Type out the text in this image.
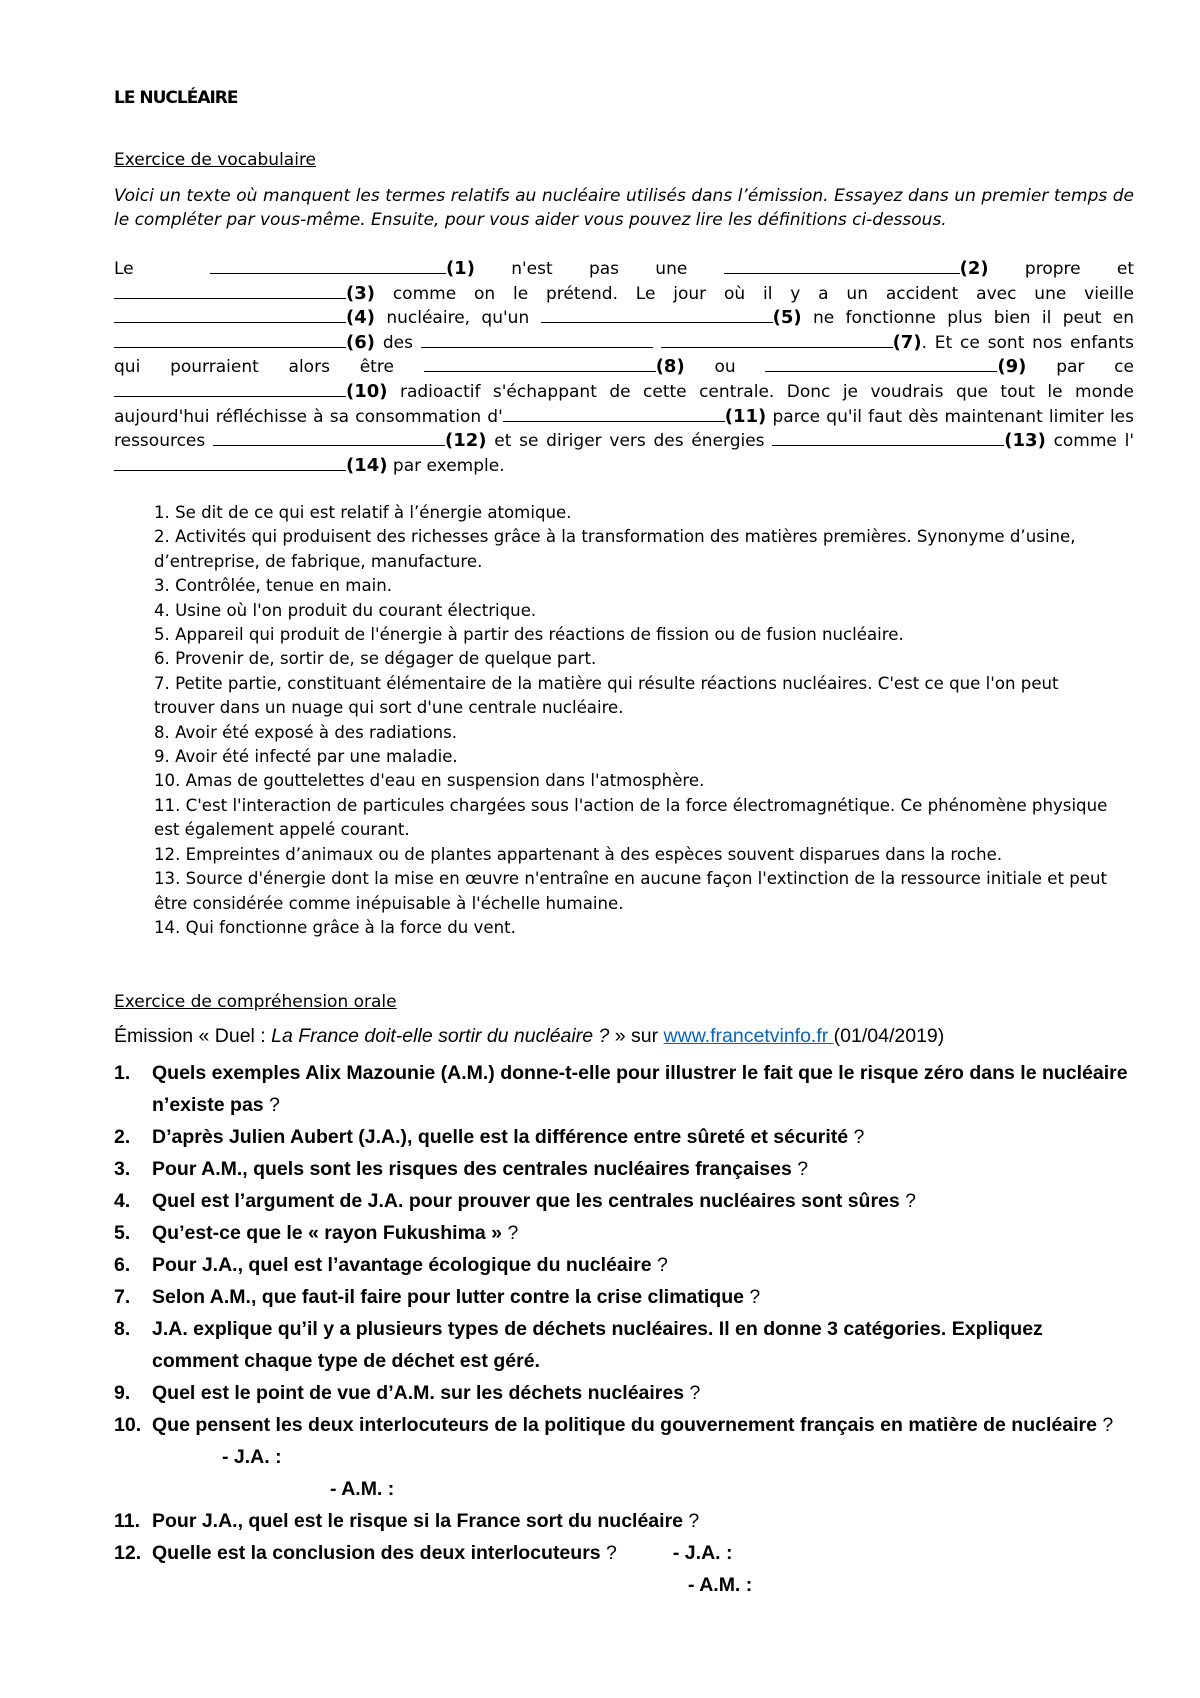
LE NUCLÉAIRE
Exercice de vocabulaire
Voici un texte où manquent les termes relatifs au nucléaire utilisés dans l’émission. Essayez dans un premier temps de le compléter par vous-même. Ensuite, pour vous aider vous pouvez lire les définitions ci-dessous.
Le	(1) n'est pas une	(2) propre et (3) comme on le prétend. Le jour où il y a un accident avec une vieille (4) nucléaire, qu'un	(5) ne fonctionne plus bien il peut en (6) des	(7). Et ce sont nos enfants qui pourraient alors être	(8) ou	(9) par ce (10) radioactif s'échappant de cette centrale. Donc je voudrais que tout le monde aujourd'hui réfléchisse à sa consommation d'	(11) parce qu'il faut dès maintenant limiter les ressources	(12) et se diriger vers des énergies	(13) comme l'(14) par exemple.
1. Se dit de ce qui est relatif à l’énergie atomique.
2. Activités qui produisent des richesses grâce à la transformation des matières premières. Synonyme d’usine, d’entreprise, de fabrique, manufacture.
3. Contrôlée, tenue en main.
4. Usine où l'on produit du courant électrique.
5. Appareil qui produit de l'énergie à partir des réactions de fission ou de fusion nucléaire.
6. Provenir de, sortir de, se dégager de quelque part.
7. Petite partie, constituant élémentaire de la matière qui résulte réactions nucléaires. C'est ce que l'on peut trouver dans un nuage qui sort d'une centrale nucléaire.
8. Avoir été exposé à des radiations.
9. Avoir été infecté par une maladie.
10. Amas de gouttelettes d'eau en suspension dans l'atmosphère.
11. C'est l'interaction de particules chargées sous l'action de la force électromagnétique. Ce phénomène physique est également appelé courant.
12. Empreintes d’animaux ou de plantes appartenant à des espèces souvent disparues dans la roche.
13. Source d'énergie dont la mise en œuvre n'entraîne en aucune façon l'extinction de la ressource initiale et peut être considérée comme inépuisable à l'échelle humaine.
14. Qui fonctionne grâce à la force du vent.
Exercice de compréhension orale
Émission « Duel : La France doit-elle sortir du nucléaire ? » sur www.francetvinfo.fr (01/04/2019)
1. Quels exemples Alix Mazounie (A.M.) donne-t-elle pour illustrer le fait que le risque zéro dans le nucléaire n’existe pas ?
2. D’après Julien Aubert (J.A.), quelle est la différence entre sûreté et sécurité ?
3. Pour A.M., quels sont les risques des centrales nucléaires françaises ?
4. Quel est l’argument de J.A. pour prouver que les centrales nucléaires sont sûres ?
5. Qu’est-ce que le « rayon Fukushima » ?
6. Pour J.A., quel est l’avantage écologique du nucléaire ?
7. Selon A.M., que faut-il faire pour lutter contre la crise climatique ?
8. J.A. explique qu’il y a plusieurs types de déchets nucléaires. Il en donne 3 catégories. Expliquez comment chaque type de déchet est géré.
9. Quel est le point de vue d’A.M. sur les déchets nucléaires ?
10. Que pensent les deux interlocuteurs de la politique du gouvernement français en matière de nucléaire ?- J.A. :
- A.M. :
11. Pour J.A., quel est le risque si la France sort du nucléaire ?
12. Quelle est la conclusion des deux interlocuteurs ?	- J.A. :
- A.M. :
